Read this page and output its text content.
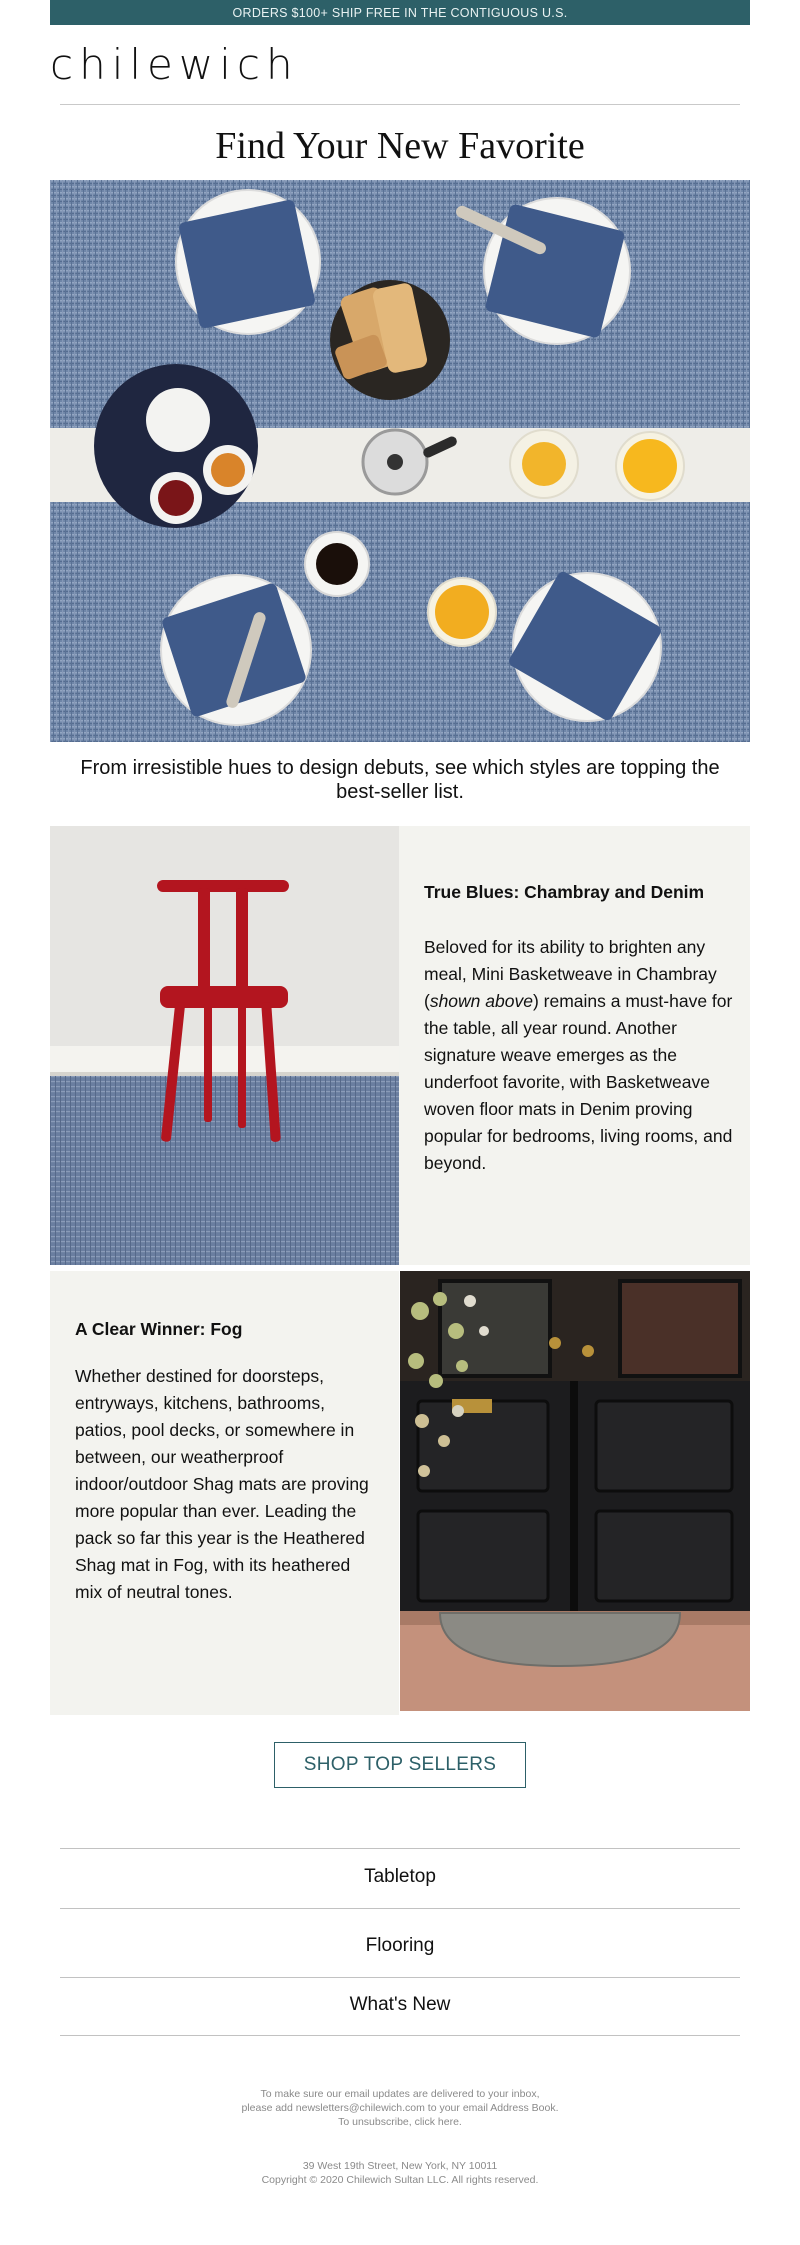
ORDERS $100+ SHIP FREE IN THE CONTIGUOUS U.S.
chilewich
Find Your New Favorite
From irresistible hues to design debuts, see which styles are topping the best-seller list.
True Blues: Chambray and Denim
Beloved for its ability to brighten any meal, Mini Basketweave in Chambray (shown above) remains a must-have for the table, all year round. Another signature weave emerges as the underfoot favorite, with Basketweave woven floor mats in Denim proving popular for bedrooms, living rooms, and beyond.
A Clear Winner: Fog
Whether destined for doorsteps, entryways, kitchens, bathrooms, patios, pool decks, or somewhere in between, our weatherproof indoor/outdoor Shag mats are proving more popular than ever. Leading the pack so far this year is the Heathered Shag mat in Fog, with its heathered mix of neutral tones.
SHOP TOP SELLERS
Tabletop
Flooring
What's New
To make sure our email updates are delivered to your inbox,
please add newsletters@chilewich.com to your email Address Book.
To unsubscribe, click here.
39 West 19th Street, New York, NY 10011
Copyright © 2020 Chilewich Sultan LLC. All rights reserved.
